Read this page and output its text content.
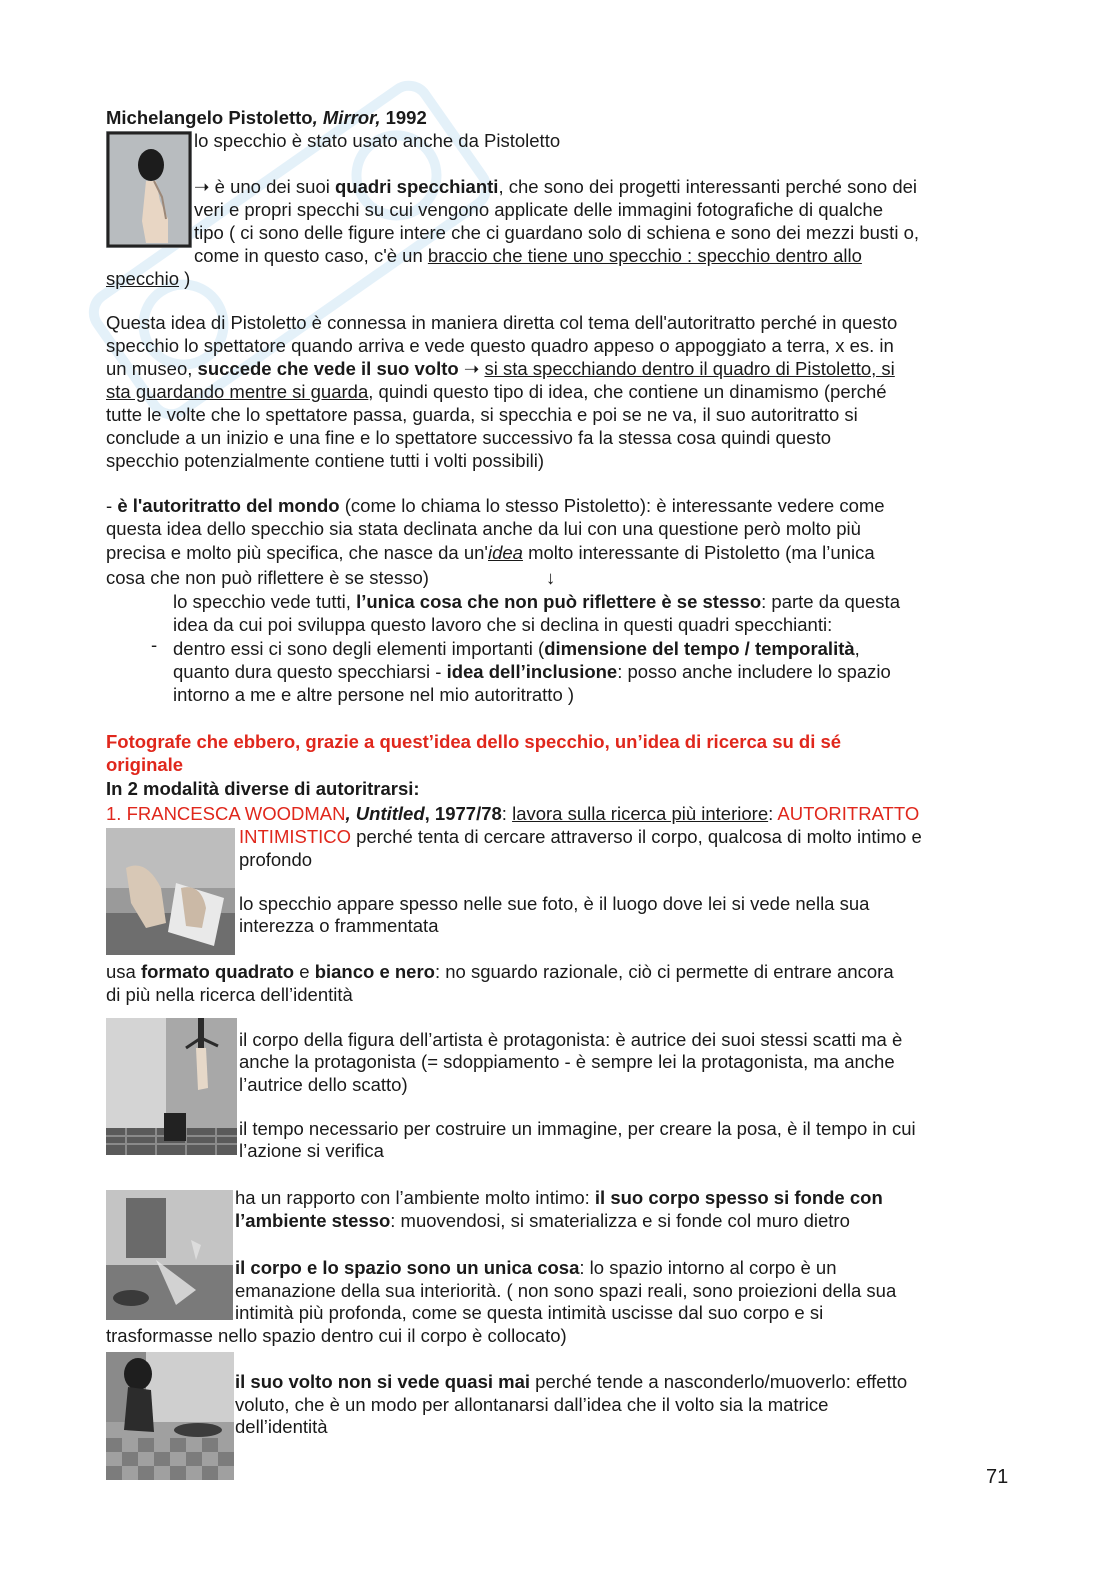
Michelangelo Pistoletto, Mirror, 1992
lo specchio è stato usato anche da Pistoletto
➝ è uno dei suoi quadri specchianti, che sono dei progetti interessanti perché sono dei
veri e propri specchi su cui vengono applicate delle immagini fotografiche di qualche
tipo ( ci sono delle figure intere che ci guardano solo di schiena e sono dei mezzi busti o,
come in questo caso, c'è un braccio che tiene uno specchio : specchio dentro allo
specchio )
Questa idea di Pistoletto è connessa in maniera diretta col tema dell'autoritratto perché in questo
specchio lo spettatore quando arriva e vede questo quadro appeso o appoggiato a terra, x es. in
un museo, succede che vede il suo volto ➝ si sta specchiando dentro il quadro di Pistoletto, si
sta guardando mentre si guarda, quindi questo tipo di idea, che contiene un dinamismo (perché
tutte le volte che lo spettatore passa, guarda, si specchia e poi se ne va, il suo autoritratto si
conclude a un inizio e una fine e lo spettatore successivo fa la stessa cosa quindi questo
specchio potenzialmente contiene tutti i volti possibili)
- è l'autoritratto del mondo (come lo chiama lo stesso Pistoletto): è interessante vedere come
questa idea dello specchio sia stata declinata anche da lui con una questione però molto più
precisa e molto più specifica, che nasce da un'idea molto interessante di Pistoletto (ma l’unica
cosa che non può riflettere è se stesso)	↓
lo specchio vede tutti, l’unica cosa che non può riflettere è se stesso: parte da questa
idea da cui poi sviluppa questo lavoro che si declina in questi quadri specchianti:
- dentro essi ci sono degli elementi importanti (dimensione del tempo / temporalità,
quanto dura questo specchiarsi - idea dell’inclusione: posso anche includere lo spazio
intorno a me e altre persone nel mio autoritratto )
Fotografe che ebbero, grazie a quest’idea dello specchio, un’idea di ricerca su di sé
originale
In 2 modalità diverse di autoritrarsi:
1. FRANCESCA WOODMAN, Untitled, 1977/78: lavora sulla ricerca più interiore: AUTORITRATTO
INTIMISTICO perché tenta di cercare attraverso il corpo, qualcosa di molto intimo e
profondo
lo specchio appare spesso nelle sue foto, è il luogo dove lei si vede nella sua
interezza o frammentata
usa formato quadrato e bianco e nero: no sguardo razionale, ciò ci permette di entrare ancora
di più nella ricerca dell’identità
il corpo della figura dell’artista è protagonista: è autrice dei suoi stessi scatti ma è
anche la protagonista (= sdoppiamento - è sempre lei la protagonista, ma anche
l’autrice dello scatto)
il tempo necessario per costruire un immagine, per creare la posa, è il tempo in cui
l’azione si verifica
ha un rapporto con l’ambiente molto intimo: il suo corpo spesso si fonde con
l’ambiente stesso: muovendosi, si smaterializza e si fonde col muro dietro
il corpo e lo spazio sono un unica cosa: lo spazio intorno al corpo è un
emanazione della sua interiorità. ( non sono spazi reali, sono proiezioni della sua
intimità più profonda, come se questa intimità uscisse dal suo corpo e si
trasformasse nello spazio dentro cui il corpo è collocato)
il suo volto non si vede quasi mai perché tende a nasconderlo/muoverlo: effetto
voluto, che è un modo per allontanarsi dall’idea che il volto sia la matrice
dell’identità
71
